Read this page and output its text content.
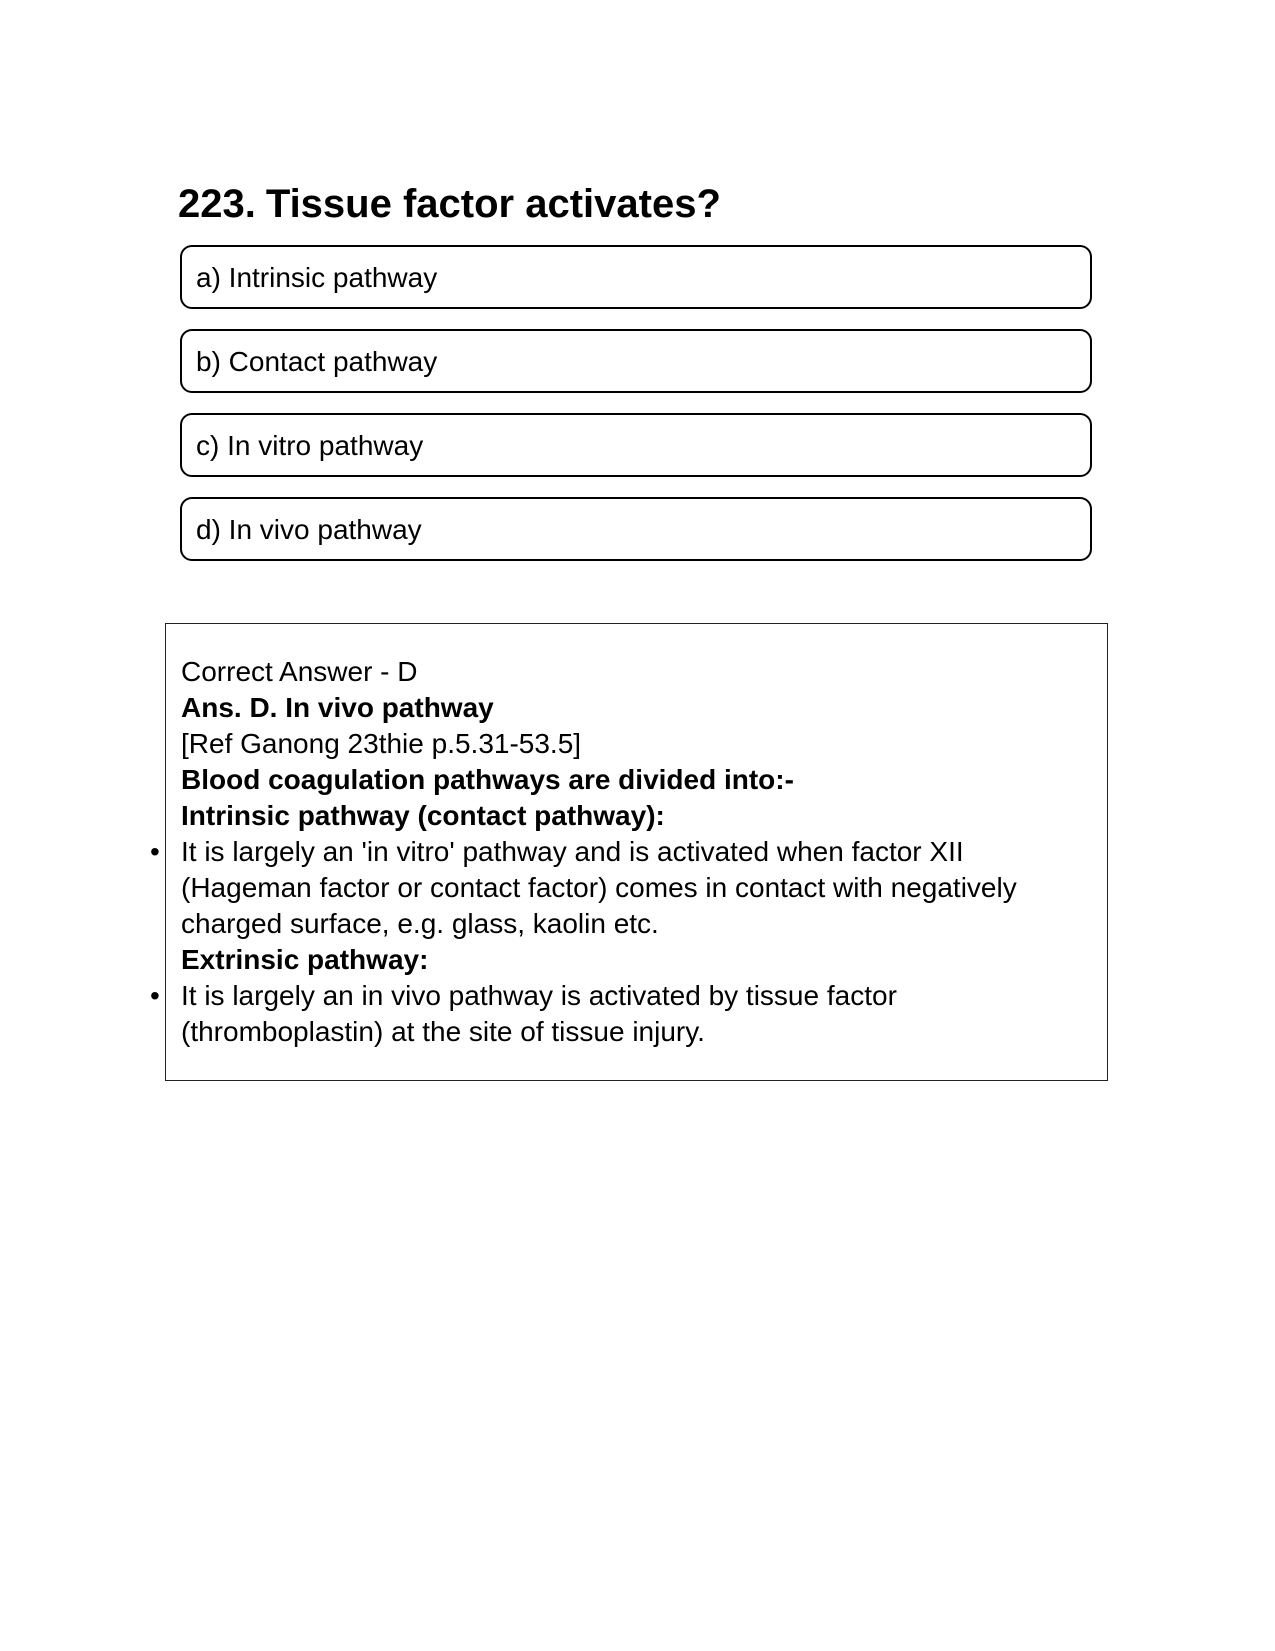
223. Tissue factor activates?
a) Intrinsic pathway
b) Contact pathway
c) In vitro pathway
d) In vivo pathway

Correct Answer - D

Ans. D. In vivo pathway

[Ref Ganong 23thie p.5.31-53.5]

Blood coagulation pathways are divided into:-

Intrinsic pathway (contact pathway):

• It is largely an 'in vitro' pathway and is activated when factor XII (Hageman factor or contact factor) comes in contact with negatively charged surface, e.g. glass, kaolin etc.

Extrinsic pathway:

• It is largely an in vivo pathway is activated by tissue factor (thromboplastin) at the site of tissue injury.
